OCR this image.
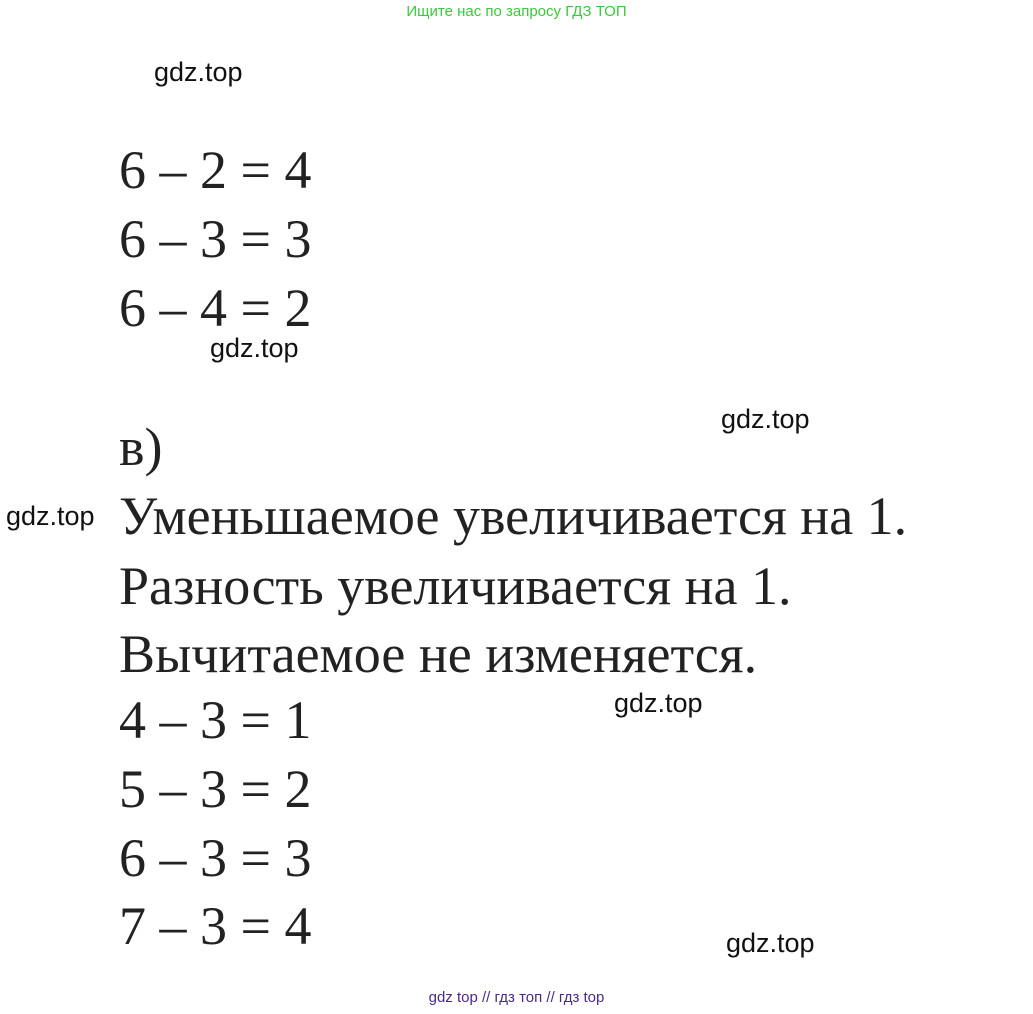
Ищите нас по запросу ГДЗ ТОП
gdz.top
6 – 2 = 4
6 – 3 = 3
6 – 4 = 2
gdz.top
gdz.top
в)
gdz.top Уменьшаемое увеличивается на 1.
Разность увеличивается на 1.
Вычитаемое не изменяется.
gdz.top
4 – 3 = 1
5 – 3 = 2
6 – 3 = 3
7 – 3 = 4	gdz.top
gdz top // гдз топ // гдз top
